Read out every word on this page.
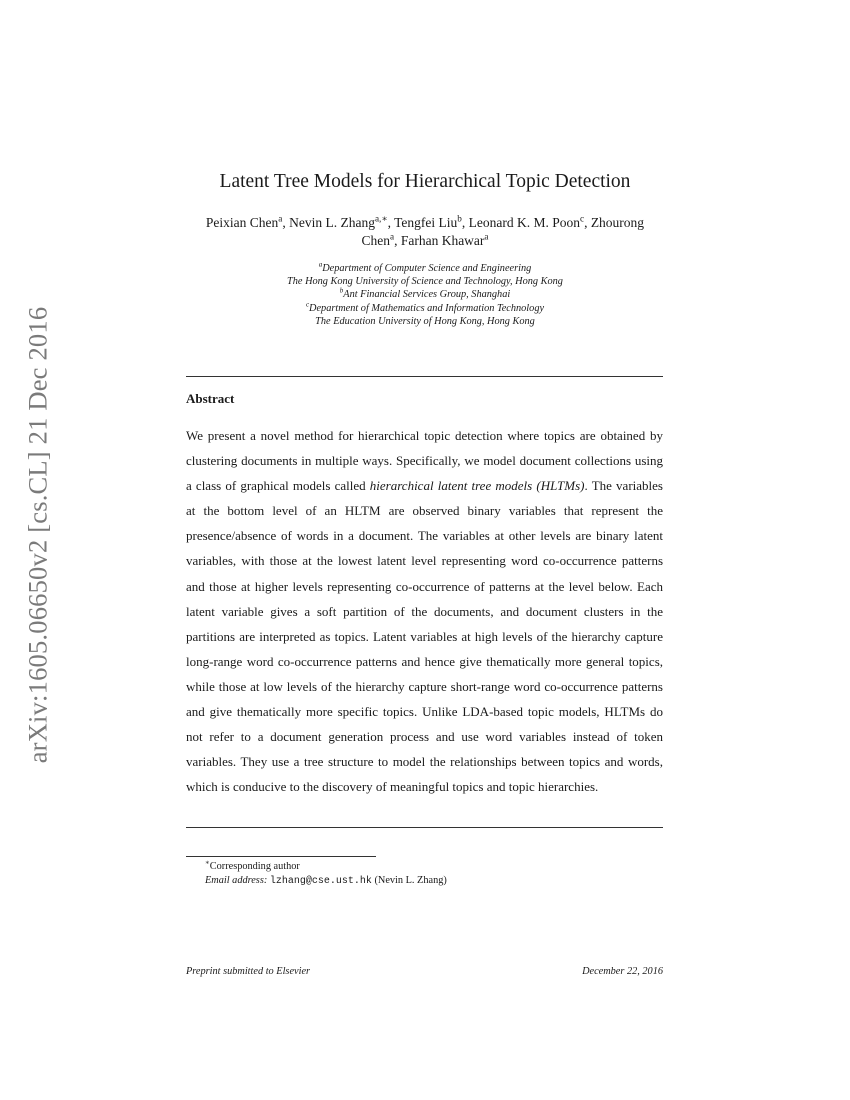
arXiv:1605.06650v2 [cs.CL] 21 Dec 2016
Latent Tree Models for Hierarchical Topic Detection
Peixian Chen$^a$, Nevin L. Zhang$^{a,∗}$, Tengfei Liu$^b$, Leonard K. M. Poon$^c$, Zhourong Chen$^a$, Farhan Khawar$^a$
$^a$Department of Computer Science and Engineering
The Hong Kong University of Science and Technology, Hong Kong
$^b$Ant Financial Services Group, Shanghai
$^c$Department of Mathematics and Information Technology
The Education University of Hong Kong, Hong Kong
Abstract
We present a novel method for hierarchical topic detection where topics are obtained by clustering documents in multiple ways. Specifically, we model document collections using a class of graphical models called hierarchical latent tree models (HLTMs). The variables at the bottom level of an HLTM are observed binary variables that represent the presence/absence of words in a document. The variables at other levels are binary latent variables, with those at the lowest latent level representing word co-occurrence patterns and those at higher levels representing co-occurrence of patterns at the level below. Each latent variable gives a soft partition of the documents, and document clusters in the partitions are interpreted as topics. Latent variables at high levels of the hierarchy capture long-range word co-occurrence patterns and hence give thematically more general topics, while those at low levels of the hierarchy capture short-range word co-occurrence patterns and give thematically more specific topics. Unlike LDA-based topic models, HLTMs do not refer to a document generation process and use word variables instead of token variables. They use a tree structure to model the relationships between topics and words, which is conducive to the discovery of meaningful topics and topic hierarchies.
∗Corresponding author
Email address: lzhang@cse.ust.hk (Nevin L. Zhang)
Preprint submitted to Elsevier	December 22, 2016
